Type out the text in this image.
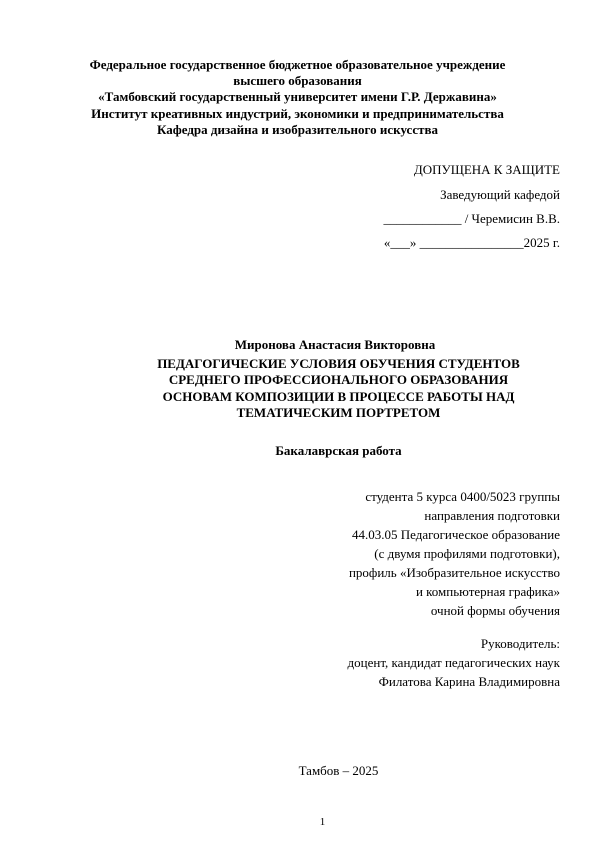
Федеральное государственное бюджетное образовательное учреждение
высшего образования
«Тамбовский государственный университет имени Г.Р. Державина»
Институт креативных индустрий, экономики и предпринимательства
Кафедра дизайна и изобразительного искусства
ДОПУЩЕНА К ЗАЩИТЕ
Заведующий кафедой
____________ / Черемисин В.В.
«___» ________________2025 г.
Миронова Анастасия Викторовна
ПЕДАГОГИЧЕСКИЕ УСЛОВИЯ ОБУЧЕНИЯ СТУДЕНТОВ
СРЕДНЕГО ПРОФЕССИОНАЛЬНОГО ОБРАЗОВАНИЯ
ОСНОВАМ КОМПОЗИЦИИ В ПРОЦЕССЕ РАБОТЫ НАД
ТЕМАТИЧЕСКИМ ПОРТРЕТОМ
Бакалаврская работа
студента 5 курса 0400/5023 группы
направления подготовки
44.03.05 Педагогическое образование
(с двумя профилями подготовки),
профиль «Изобразительное искусство
и компьютерная графика»
очной формы обучения
Руководитель:
доцент, кандидат педагогических наук
Филатова Карина Владимировна
Тамбов – 2025
1
